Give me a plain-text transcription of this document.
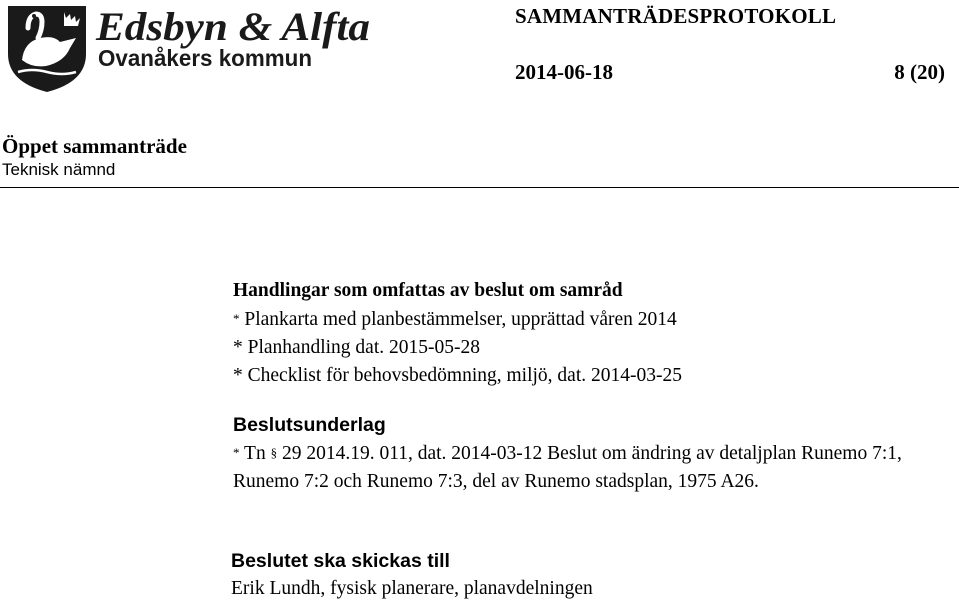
Edsbyn & Alfta
Ovanåkers kommun
SAMMANTRÄDESPROTOKOLL
2014-06-18	8 (20)
Öppet sammanträde
Teknisk nämnd
Handlingar som omfattas av beslut om samråd
* Plankarta med planbestämmelser, upprättad våren 2014
* Planhandling dat. 2015-05-28
* Checklist för behovsbedömning, miljö, dat. 2014-03-25
Beslutsunderlag
* Tn § 29 2014.19. 011, dat. 2014-03-12 Beslut om ändring av detaljplan Runemo 7:1, Runemo 7:2 och Runemo 7:3, del av Runemo stadsplan, 1975 A26.
Beslutet ska skickas till
Erik Lundh, fysisk planerare, planavdelningen
